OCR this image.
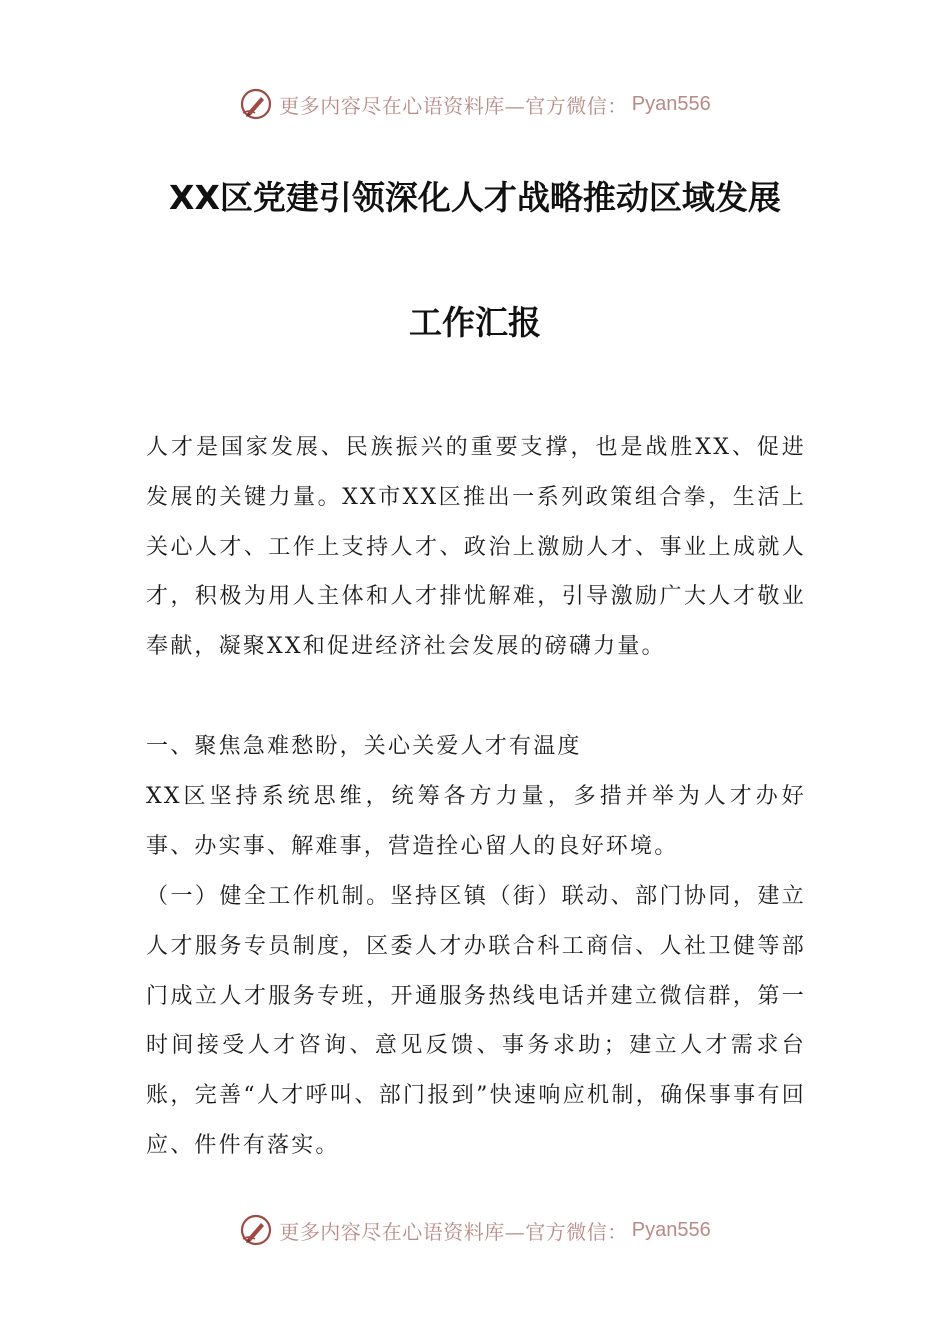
更多内容尽在心语资料库—官方微信： Pyan556
XX区党建引领深化人才战略推动区域发展
工作汇报
人才是国家发展、民族振兴的重要支撑，也是战胜XX、促进发展的关键力量。XX市XX区推出一系列政策组合拳，生活上关心人才、工作上支持人才、政治上激励人才、事业上成就人才，积极为用人主体和人才排忧解难，引导激励广大人才敬业奉献，凝聚XX和促进经济社会发展的磅礴力量。
一、聚焦急难愁盼，关心关爱人才有温度
XX区坚持系统思维，统筹各方力量，多措并举为人才办好事、办实事、解难事，营造拴心留人的良好环境。
（一）健全工作机制。坚持区镇（街）联动、部门协同，建立人才服务专员制度，区委人才办联合科工商信、人社卫健等部门成立人才服务专班，开通服务热线电话并建立微信群，第一时间接受人才咨询、意见反馈、事务求助；建立人才需求台账，完善“人才呼叫、部门报到”快速响应机制，确保事事有回应、件件有落实。
更多内容尽在心语资料库—官方微信： Pyan556
